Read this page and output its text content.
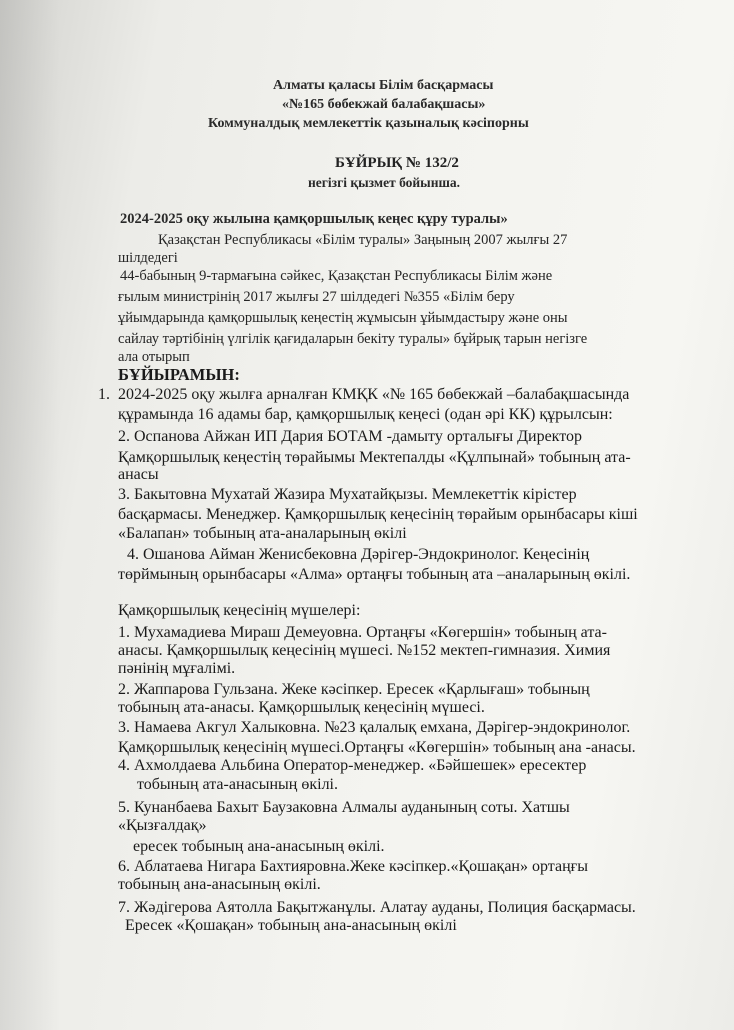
Алматы қаласы Білім басқармасы
«№165 бөбекжай балабақшасы»
Коммуналдық мемлекеттік қазыналық кәсіпорны
БҰЙРЫҚ № 132/2
негізгі қызмет бойынша.
2024-2025 оқу жылына қамқоршылық кеңес құру туралы»
Қазақстан Республикасы «Білім туралы» Заңының 2007 жылғы 27
шілдедегі
44-бабының 9-тармағына сәйкес, Қазақстан Республикасы Білім және
ғылым министрінің 2017 жылғы 27 шілдедегі №355 «Білім беру
ұйымдарында қамқоршылық кеңестің жұмысын ұйымдастыру және оны
сайлау тәртібінің үлгілік қағидаларын бекіту туралы» бұйрық тарын негізге
ала отырып
БҰЙЫРАМЫН:
1. 2024-2025 оқу жылға арналған КМҚК «№ 165 бөбекжай –балабақшасында
құрамында 16 адамы бар, қамқоршылық кеңесі (одан әрі КК) құрылсын:
2. Оспанова Айжан ИП Дария БОТАМ -дамыту орталығы Директор
Қамқоршылық кеңестің төрайымы Мектепалды «Құлпынай» тобының ата-
анасы
3. Бакытовна Мухатай Жазира Мухатайқызы. Мемлекеттік кірістер
басқармасы. Менеджер. Қамқоршылық кеңесінің төрайым орынбасары кіші
«Балапан» тобының ата-аналарының өкілі
4. Ошанова Айман Женисбековна Дәрігер-Эндокринолог. Кеңесінің
төрймының орынбасары «Алма» ортаңғы тобының ата –аналарының өкілі.
Қамқоршылық кеңесінің мүшелері:
1. Мухамадиева Мираш Демеуовна. Ортаңғы «Көгершін» тобының ата-
анасы. Қамқоршылық кеңесінің мүшесі. №152 мектеп-гимназия. Химия
пәнінің мұғалімі.
2. Жаппарова Гульзана. Жеке кәсіпкер. Ересек «Қарлығаш» тобының
тобының ата-анасы. Қамқоршылық кеңесінің мүшесі.
3. Намаева Акгул Халыковна. №23 қалалық емхана, Дәрігер-эндокринолог.
Қамқоршылық кеңесінің мүшесі.Ортаңғы «Көгершін» тобының ана -анасы.
4. Ахмолдаева Альбина Оператор-менеджер. «Бәйшешек» ересектер
тобының ата-анасының өкілі.
5. Кунанбаева Бахыт Баузаковна Алмалы ауданының соты. Хатшы
«Қызғалдақ»
ересек тобының ана-анасының өкілі.
6. Аблатаева Нигара Бахтияровна.Жеке кәсіпкер.«Қошақан» ортаңғы
тобының ана-анасының өкілі.
7. Жәдігерова Аятолла Бақытжанұлы. Алатау ауданы, Полиция басқармасы.
Ересек «Қошақан» тобының ана-анасының өкілі
